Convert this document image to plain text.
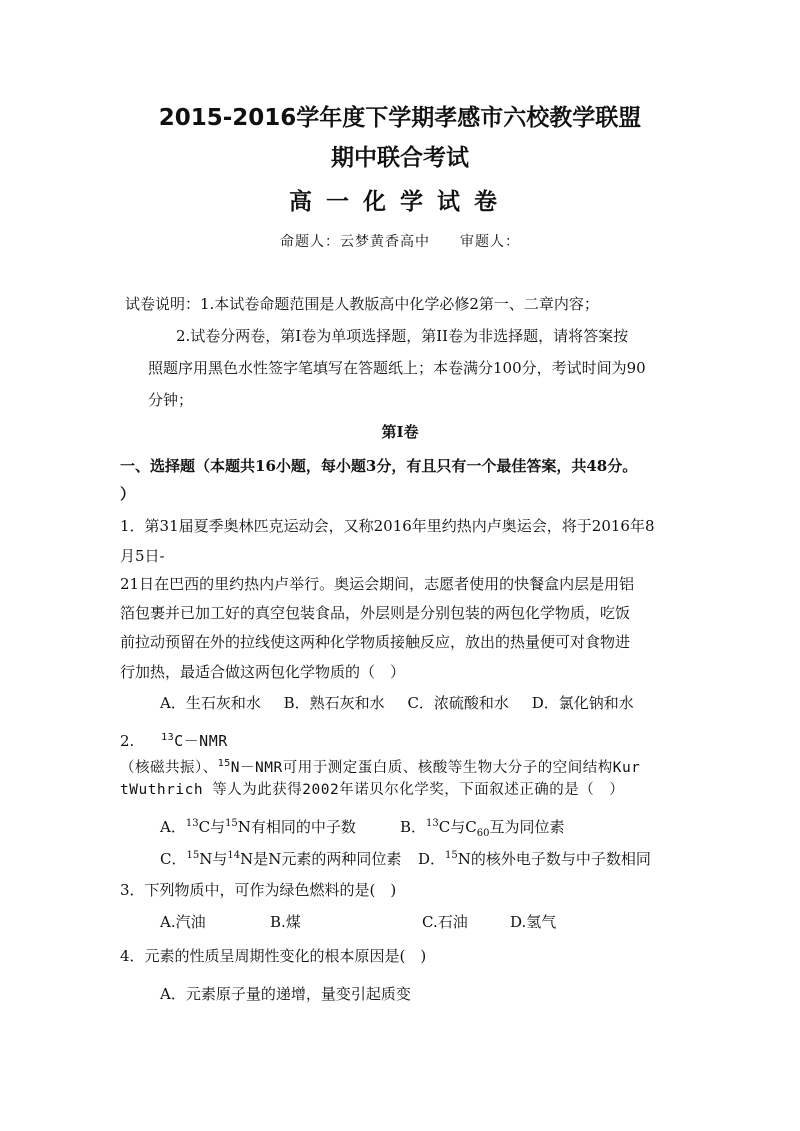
2015-2016学年度下学期孝感市六校教学联盟
期中联合考试
高一化学试卷
命题人：云梦黄香高中　　审题人：
试卷说明：1.本试卷命题范围是人教版高中化学必修2第一、二章内容；
2.试卷分两卷，第I卷为单项选择题，第II卷为非选择题，请将答案按
照题序用黑色水性签字笔填写在答题纸上；本卷满分100分，考试时间为90
分钟；
第I卷
一、选择题（本题共16小题，每小题3分，有且只有一个最佳答案，共48分。
）
1．第31届夏季奥林匹克运动会，又称2016年里约热内卢奥运会，将于2016年8
月5日-
21日在巴西的里约热内卢举行。奥运会期间，志愿者使用的快餐盒内层是用铝
箔包裹并已加工好的真空包装食品，外层则是分别包装的两包化学物质，吃饭
前拉动预留在外的拉线使这两种化学物质接触反应，放出的热量便可对食物进
行加热，最适合做这两包化学物质的（　）
A．生石灰和水 B．熟石灰和水 C．浓硫酸和水 D．氯化钠和水
2.	$^{13}$C－NMR
（核磁共振）、$^{15}$N－NMR可用于测定蛋白质、核酸等生物大分子的空间结构Kur
tWuthrich 等人为此获得2002年诺贝尔化学奖，下面叙述正确的是（　）
A．$^{13}$C与$^{15}$N有相同的中子数	B．$^{13}$C与$C_{60}$互为同位素
C．$^{15}$N与$^{14}$N是N元素的两种同位素 D．$^{15}$N的核外电子数与中子数相同
3．下列物质中，可作为绿色燃料的是(　)
A.汽油	B.煤	C.石油	D.氢气
4．元素的性质呈周期性变化的根本原因是(　)
A．元素原子量的递增，量变引起质变
